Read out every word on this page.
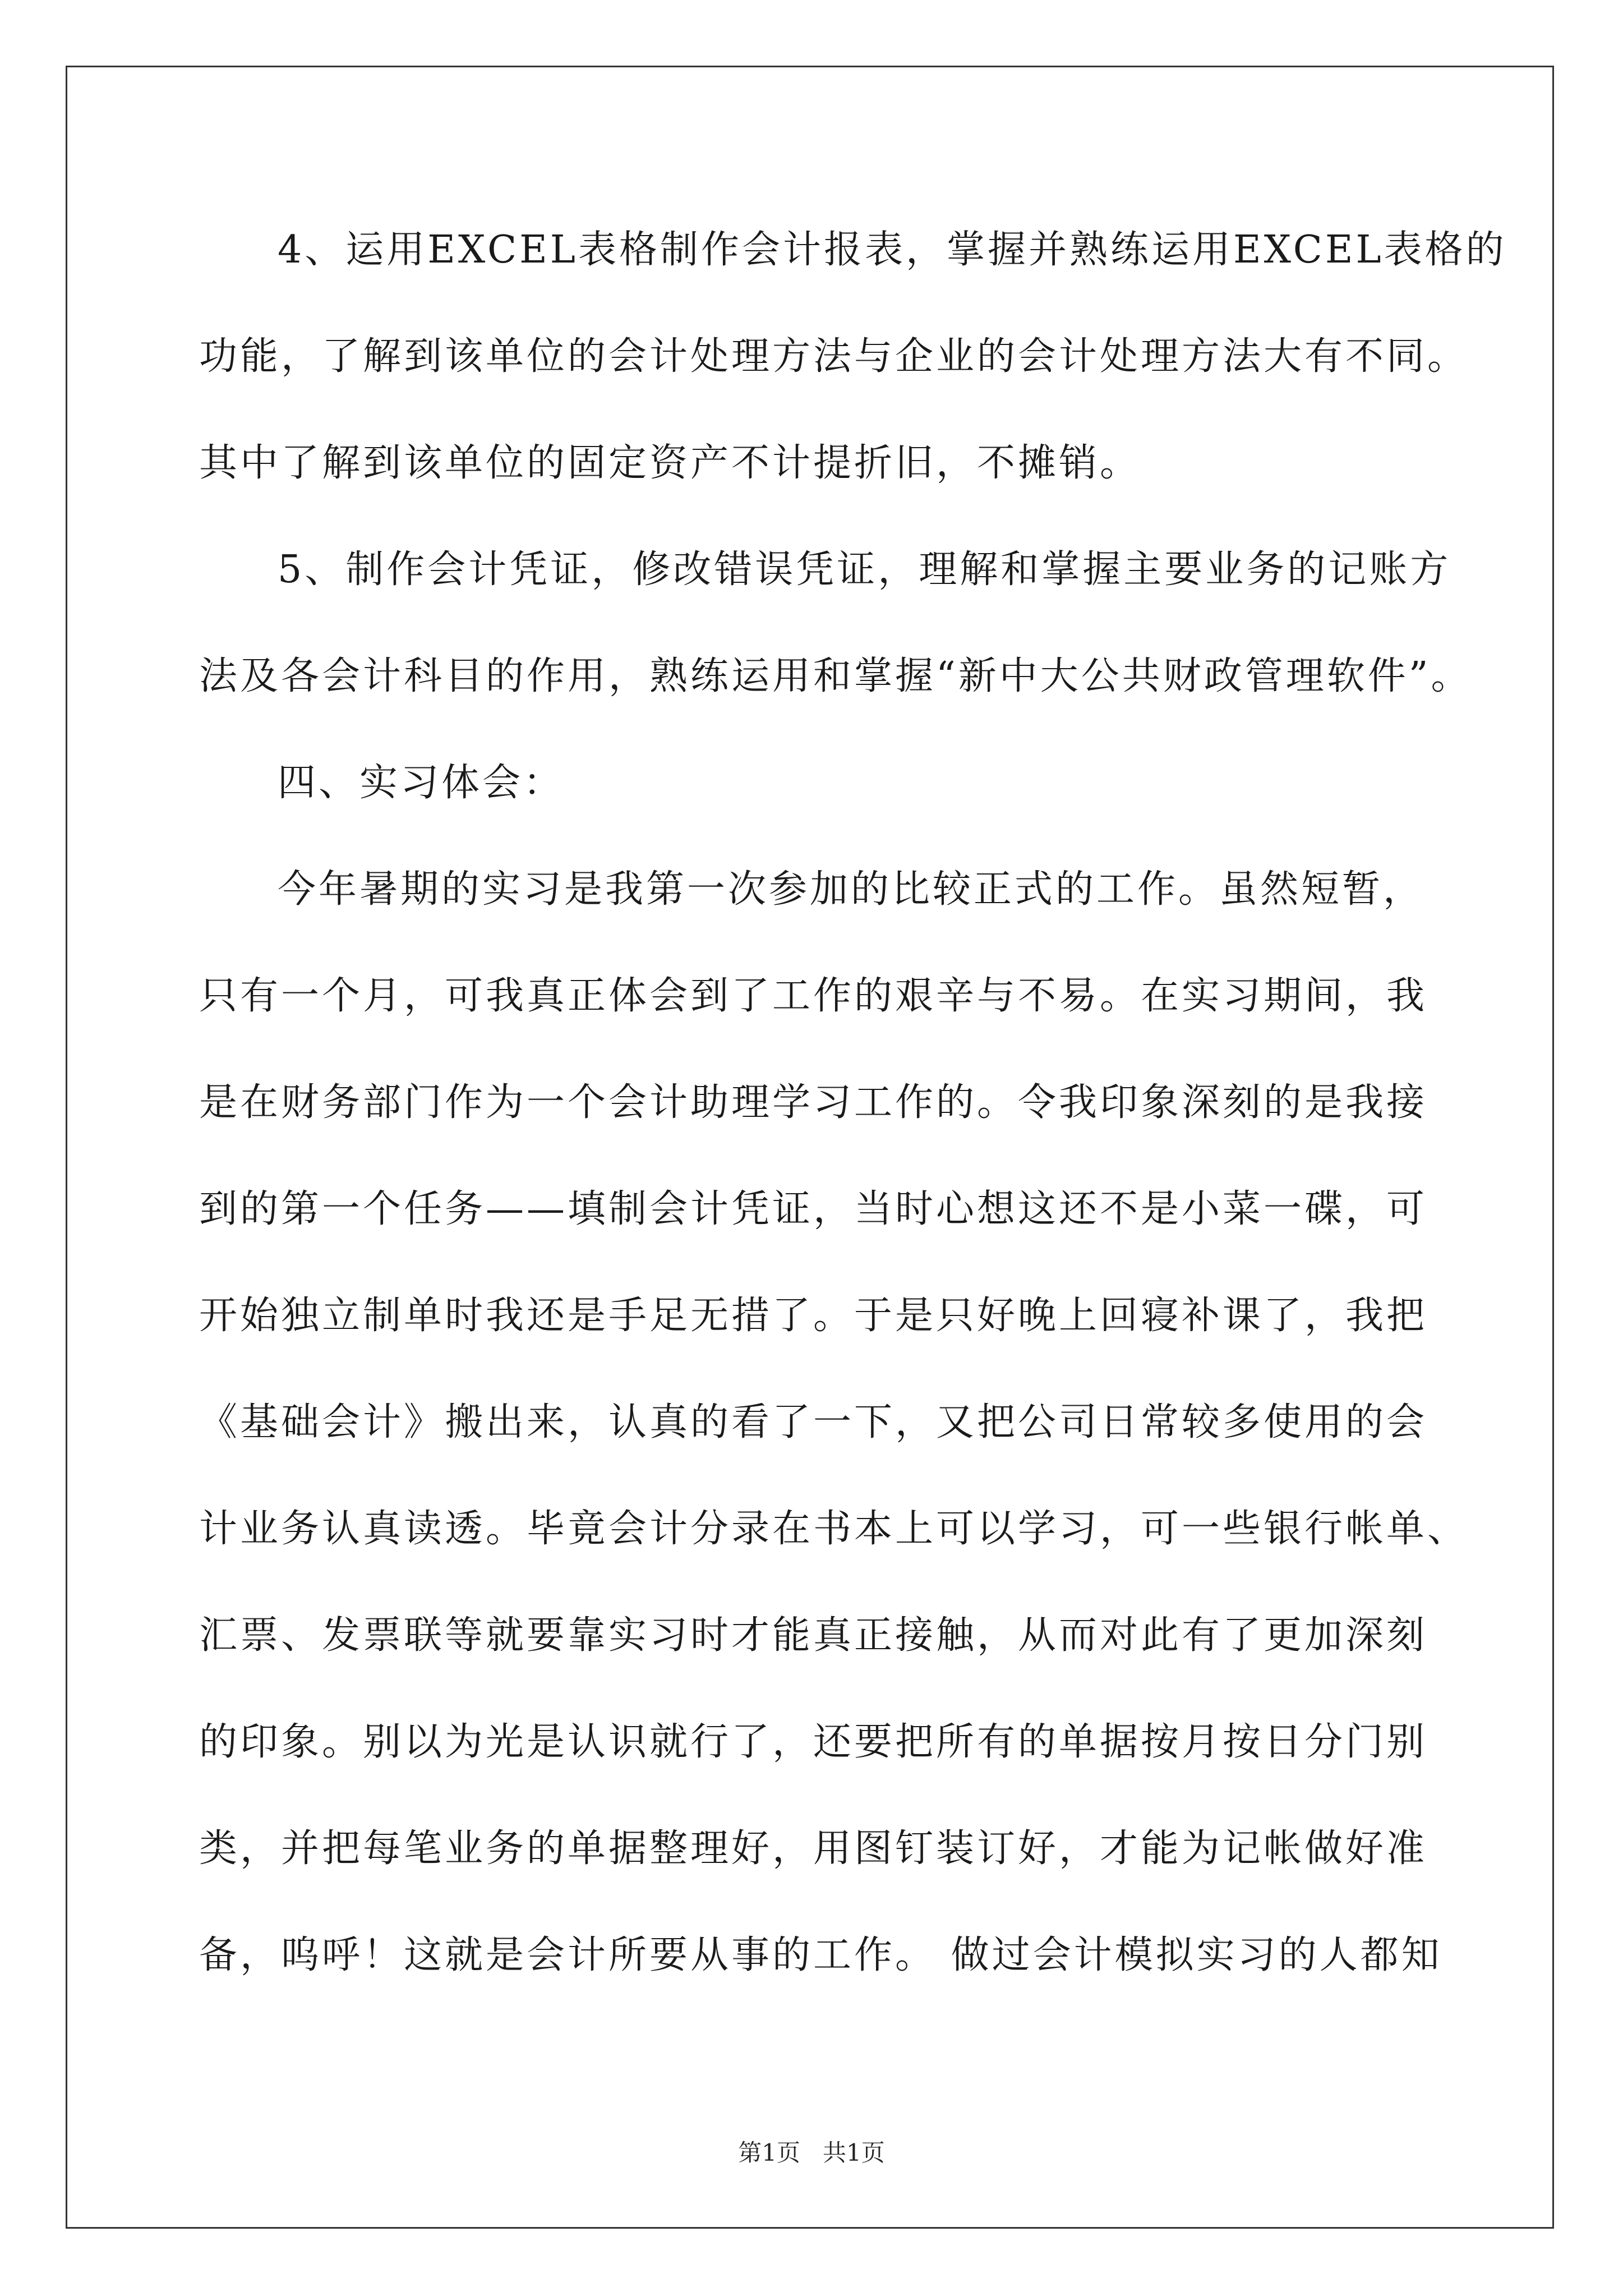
4、运用EXCEL表格制作会计报表，掌握并熟练运用EXCEL表格的
功能，了解到该单位的会计处理方法与企业的会计处理方法大有不同。
其中了解到该单位的固定资产不计提折旧，不摊销。
5、制作会计凭证，修改错误凭证，理解和掌握主要业务的记账方
法及各会计科目的作用，熟练运用和掌握“新中大公共财政管理软件”。
四、实习体会：
今年暑期的实习是我第一次参加的比较正式的工作。虽然短暂，
只有一个月，可我真正体会到了工作的艰辛与不易。在实习期间，我
是在财务部门作为一个会计助理学习工作的。令我印象深刻的是我接
到的第一个任务——填制会计凭证，当时心想这还不是小菜一碟，可
开始独立制单时我还是手足无措了。于是只好晚上回寝补课了，我把
《基础会计》搬出来，认真的看了一下，又把公司日常较多使用的会
计业务认真读透。毕竟会计分录在书本上可以学习，可一些银行帐单、
汇票、发票联等就要靠实习时才能真正接触，从而对此有了更加深刻
的印象。别以为光是认识就行了，还要把所有的单据按月按日分门别
类，并把每笔业务的单据整理好，用图钉装订好，才能为记帐做好准
备，呜呼！这就是会计所要从事的工作。 做过会计模拟实习的人都知
第1页   共1页
